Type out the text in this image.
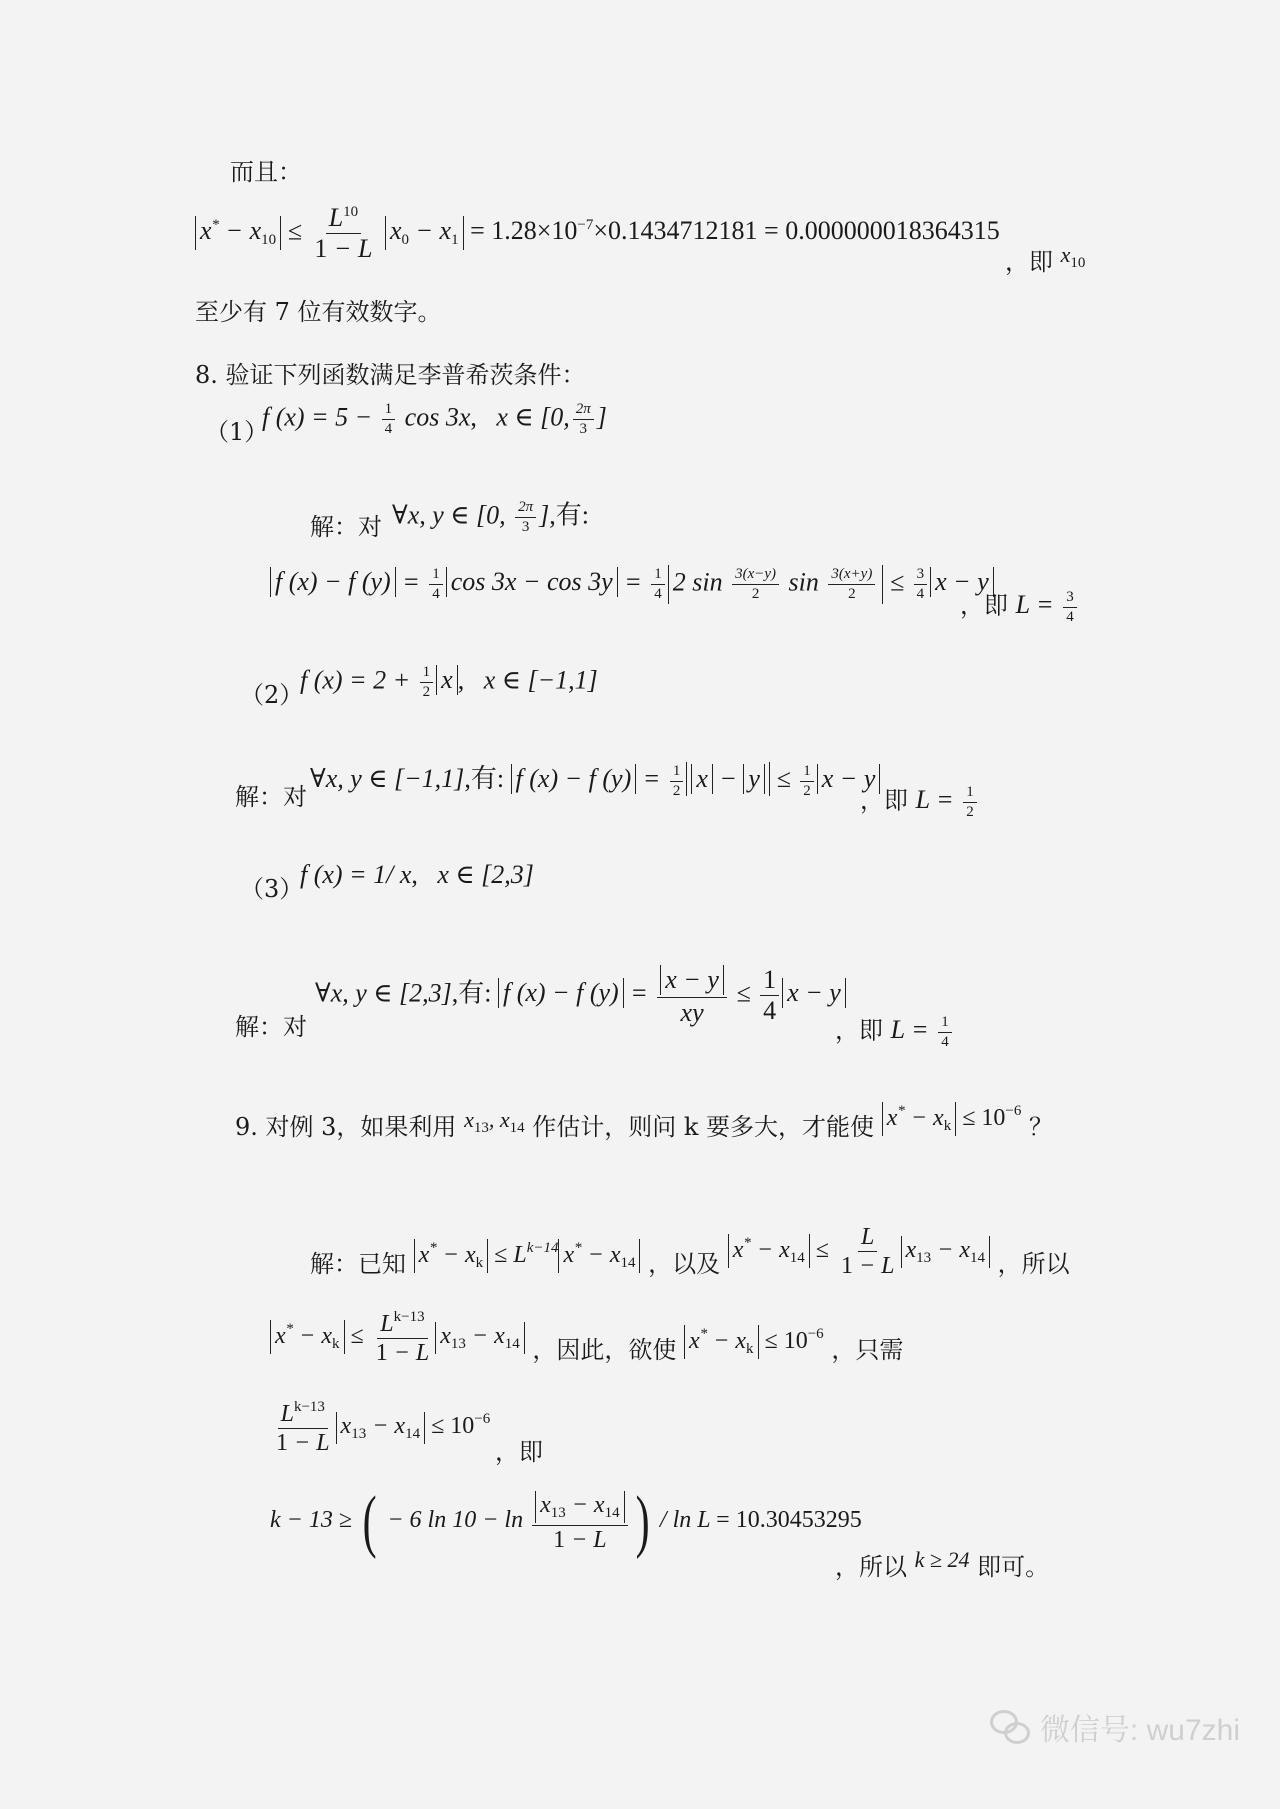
而且：
$x^* - x_{10} \le \frac{L^{10}}{1 - L} x_0 - x_1 = 1.28\times 10^{-7}\times 0.1434712181 = 0.000000018364315$
，即 $x_{10}$
至少有 7 位有效数字。
8. 验证下列函数满足李普希茨条件：
（1）
f $(x) = 5 - \frac{1}{4}$ cos 3x, x ∈ [0, $\frac{2\pi}{3}$ ]
解：对 ∀x, y ∈ [0, $\frac{2\pi}{3}$ ],有:
f (x) − f $(y) = \frac{1}{4}$ $\cos 3x - \cos 3y = \frac{1}{4} 2$ $\sin \frac{3(x-y)}{2}$ $\sin \frac{3(x+y)}{2} \le \frac{3}{4}$ x − y
，即 $L = \frac{3}{4}$
（2）
f $(x) = 2 + \frac{1}{2}$ x , x ∈ [−1,1]
解：对
∀x, y ∈ [−1,1],有: f (x) − f $(y) = \frac{1}{2}$ $x - y \le \frac{1}{2}$ x − y
，即 $L = \frac{1}{2}$
（3）
f (x) = 1/ x, x ∈ [2,3]
解：对
∀x, y ∈ [2,3],有: f (x) − f $(y) = \frac{x - y}{xy} \le \frac{1}{4}$ x − y
，即 $L = \frac{1}{4}$
9. 对例 3，如果利用 $x_{13}$, $x_{14}$ 作估计，则问 k 要多大，才能使 $x^* - x_k \le 10^{-6}$ ？
解：已知 $x^* - x_k \le L^{k-14}$ $x^* - x_{14}$ ，以及 $x^* - x_{14} \le \frac{L}{1 - L} x_{13} - x_{14}$ ，所以
$x^* - x_k \le \frac{L^{k-13}}{1 - L} x_{13} - x_{14}$ ，因此，欲使 $x^* - x_k \le 10^{-6}$ ，只需
$\frac{L^{k-13}}{1 - L} x_{13} - x_{14} \le 10^{-6}$
，即
k − 13 ≥ ( − 6 $\ln 10 - \ln \frac{x_{13} - x_{14}}{1 - L}$ ) / ln L = 10.30453295
，所以 k ≥ 24 即可。
微信号: wu7zhi
